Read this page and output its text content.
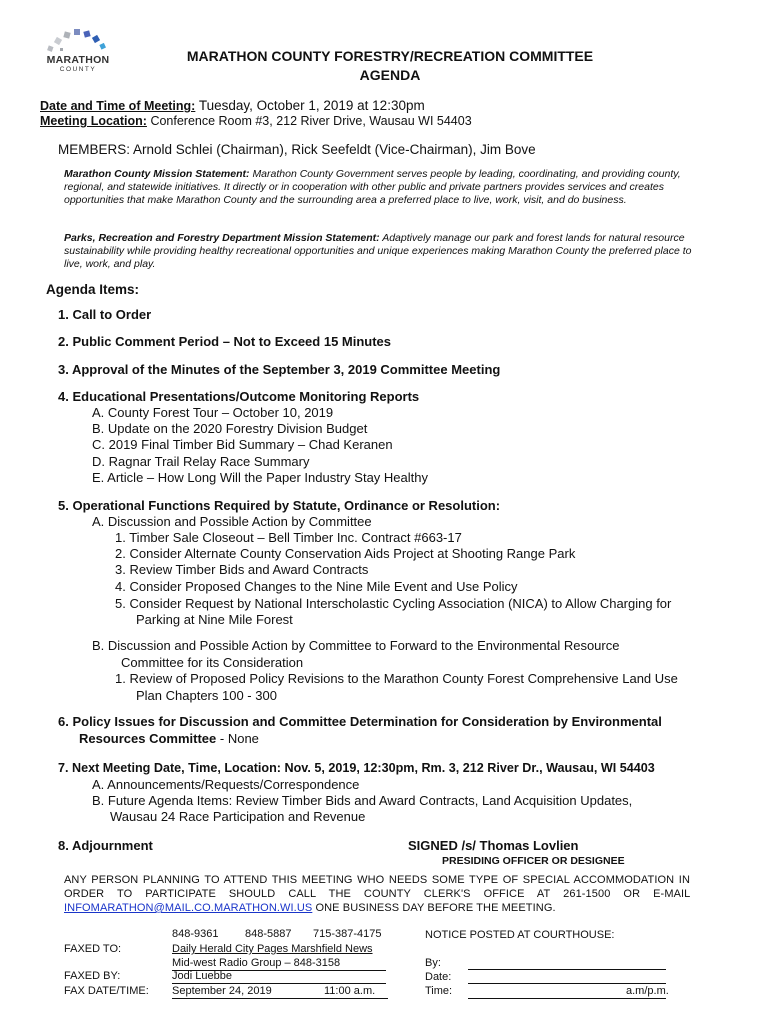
MARATHON
COUNTY
MARATHON COUNTY FORESTRY/RECREATION COMMITTEE
AGENDA
Date and Time of Meeting: Tuesday, October 1, 2019 at 12:30pm
Meeting Location: Conference Room #3, 212 River Drive, Wausau WI 54403
MEMBERS: Arnold Schlei (Chairman), Rick Seefeldt (Vice-Chairman), Jim Bove
Marathon County Mission Statement: Marathon County Government serves people by leading, coordinating, and providing county, regional, and statewide initiatives. It directly or in cooperation with other public and private partners provides services and creates opportunities that make Marathon County and the surrounding area a preferred place to live, work, visit, and do business.
Parks, Recreation and Forestry Department Mission Statement: Adaptively manage our park and forest lands for natural resource sustainability while providing healthy recreational opportunities and unique experiences making Marathon County the preferred place to live, work, and play.
Agenda Items:
1. Call to Order
2. Public Comment Period – Not to Exceed 15 Minutes
3. Approval of the Minutes of the September 3, 2019 Committee Meeting
4. Educational Presentations/Outcome Monitoring Reports
A. County Forest Tour – October 10, 2019
B. Update on the 2020 Forestry Division Budget
C. 2019 Final Timber Bid Summary – Chad Keranen
D. Ragnar Trail Relay Race Summary
E. Article – How Long Will the Paper Industry Stay Healthy
5. Operational Functions Required by Statute, Ordinance or Resolution:
A. Discussion and Possible Action by Committee
1. Timber Sale Closeout – Bell Timber Inc. Contract #663-17
2. Consider Alternate County Conservation Aids Project at Shooting Range Park
3. Review Timber Bids and Award Contracts
4. Consider Proposed Changes to the Nine Mile Event and Use Policy
5. Consider Request by National Interscholastic Cycling Association (NICA) to Allow Charging for
Parking at Nine Mile Forest
B. Discussion and Possible Action by Committee to Forward to the Environmental Resource
Committee for its Consideration
1. Review of Proposed Policy Revisions to the Marathon County Forest Comprehensive Land Use
Plan Chapters 100 - 300
6. Policy Issues for Discussion and Committee Determination for Consideration by Environmental
Resources Committee - None
7. Next Meeting Date, Time, Location: Nov. 5, 2019, 12:30pm, Rm. 3, 212 River Dr., Wausau, WI 54403
A. Announcements/Requests/Correspondence
B. Future Agenda Items: Review Timber Bids and Award Contracts, Land Acquisition Updates,
Wausau 24 Race Participation and Revenue
8. Adjournment	SIGNED /s/ Thomas Lovlien
PRESIDING OFFICER OR DESIGNEE
ANY PERSON PLANNING TO ATTEND THIS MEETING WHO NEEDS SOME TYPE OF SPECIAL ACCOMMODATION IN ORDER TO PARTICIPATE SHOULD CALL THE COUNTY CLERK'S OFFICE AT 261-1500 OR E-MAIL INFOMARATHON@MAIL.CO.MARATHON.WI.US ONE BUSINESS DAY BEFORE THE MEETING.
848-9361 848-5887 715-387-4175
FAXED TO:	Daily Herald City Pages Marshfield News
Mid-west Radio Group – 848-3158
FAXED BY:	Jodi Luebbe
FAX DATE/TIME: September 24, 2019	11:00 a.m.
NOTICE POSTED AT COURTHOUSE:
By:
Date:
Time:	a.m/p.m.
